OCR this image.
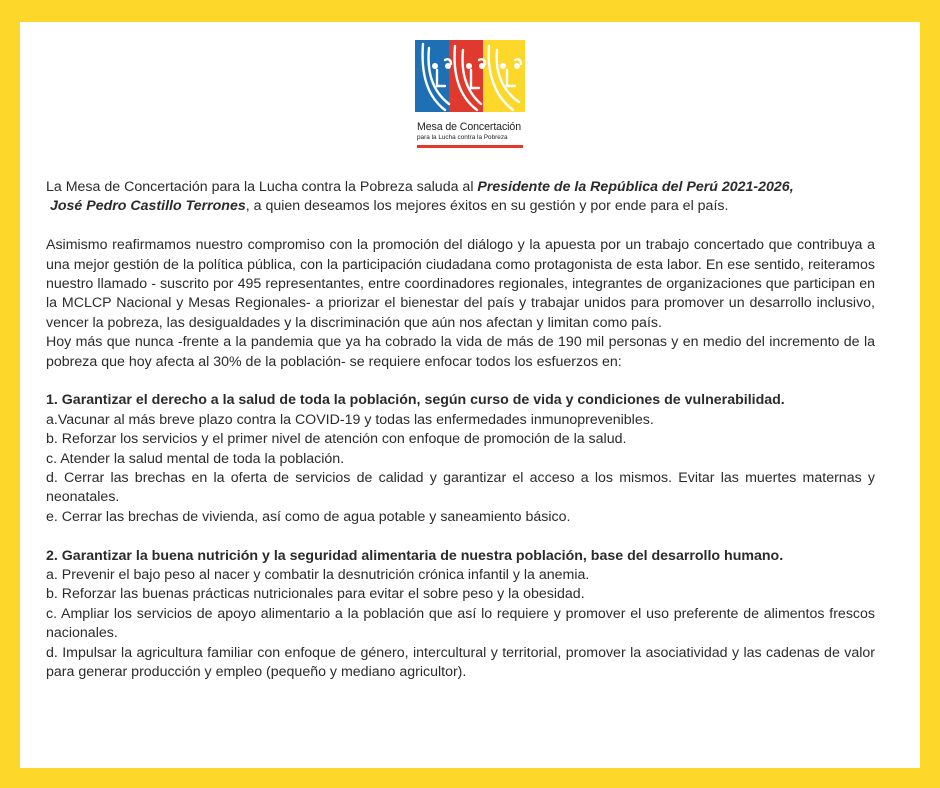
Mesa de Concertación
para la Lucha contra la Pobreza

La Mesa de Concertación para la Lucha contra la Pobreza saluda al Presidente de la República del Perú 2021-2026,
José Pedro Castillo Terrones, a quien deseamos los mejores éxitos en su gestión y por ende para el país.

Asimismo reafirmamos nuestro compromiso con la promoción del diálogo y la apuesta por un trabajo concertado que contribuya a una mejor gestión de la política pública, con la participación ciudadana como protagonista de esta labor. En ese sentido, reiteramos nuestro llamado - suscrito por 495 representantes, entre coordinadores regionales, integrantes de organizaciones que participan en la MCLCP Nacional y Mesas Regionales- a priorizar el bienestar del país y trabajar unidos para promover un desarrollo inclusivo, vencer la pobreza, las desigualdades y la discriminación que aún nos afectan y limitan como país.

Hoy más que nunca -frente a la pandemia que ya ha cobrado la vida de más de 190 mil personas y en medio del incremento de la pobreza que hoy afecta al 30% de la población- se requiere enfocar todos los esfuerzos en:

1. Garantizar el derecho a la salud de toda la población, según curso de vida y condiciones de vulnerabilidad.

a.Vacunar al más breve plazo contra la COVID-19 y todas las enfermedades inmunoprevenibles.

b. Reforzar los servicios y el primer nivel de atención con enfoque de promoción de la salud.

c. Atender la salud mental de toda la población.

d. Cerrar las brechas en la oferta de servicios de calidad y garantizar el acceso a los mismos. Evitar las muertes maternas y neonatales.

e. Cerrar las brechas de vivienda, así como de agua potable y saneamiento básico.

2. Garantizar la buena nutrición y la seguridad alimentaria de nuestra población, base del desarrollo humano.

a. Prevenir el bajo peso al nacer y combatir la desnutrición crónica infantil y la anemia.

b. Reforzar las buenas prácticas nutricionales para evitar el sobre peso y la obesidad.

c. Ampliar los servicios de apoyo alimentario a la población que así lo requiere y promover el uso preferente de alimentos frescos nacionales.

d. Impulsar la agricultura familiar con enfoque de género, intercultural y territorial, promover la asociatividad y las cadenas de valor para generar producción y empleo (pequeño y mediano agricultor).
